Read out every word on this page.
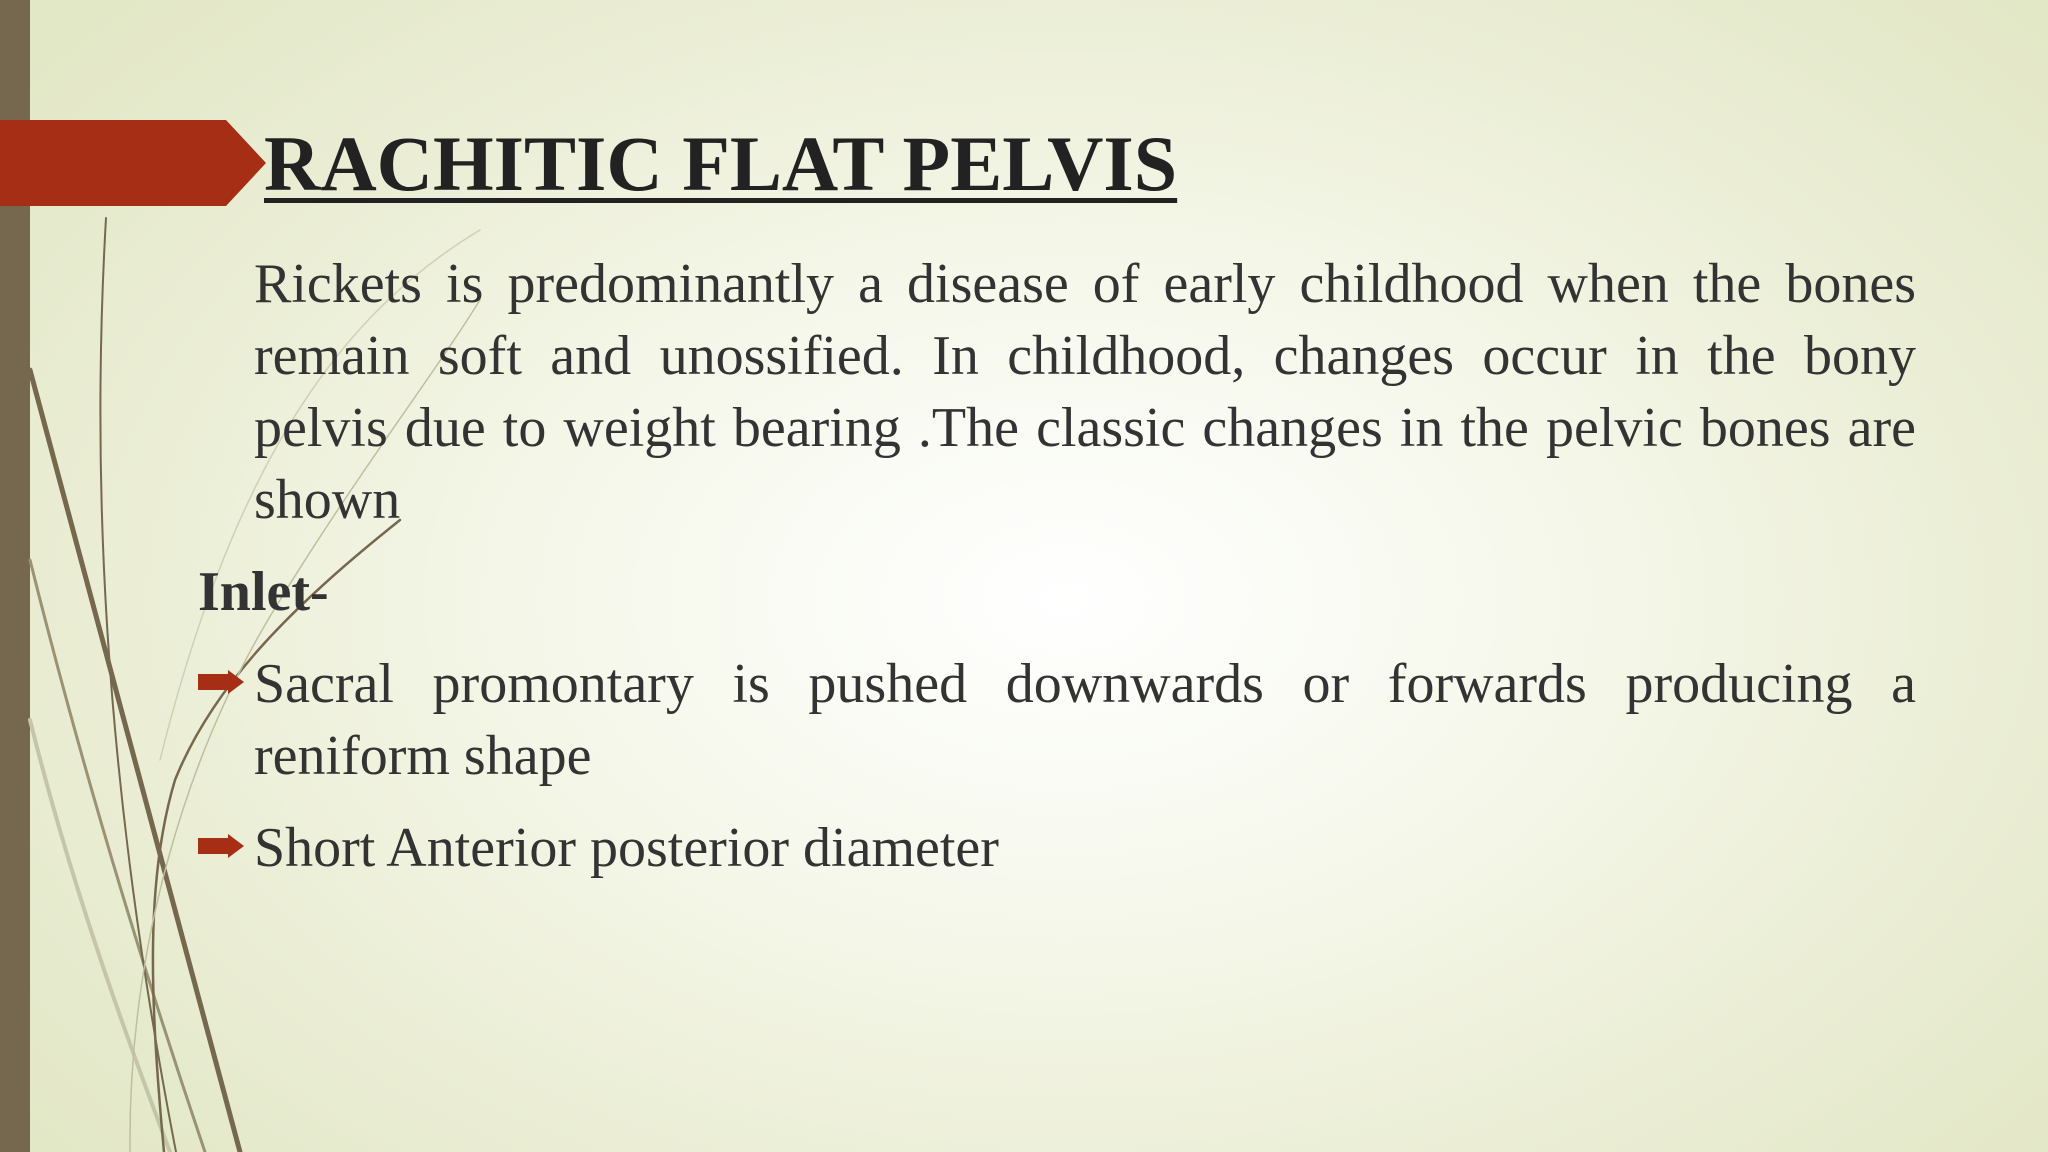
RACHITIC FLAT PELVIS

Rickets is predominantly a disease of early childhood when the bones remain soft and unossified. In childhood, changes occur in the bony pelvis due to weight bearing .The classic changes in the pelvic bones are shown

Inlet-
Sacral promontary is pushed downwards or forwards producing a reniform shape
Short Anterior posterior diameter
